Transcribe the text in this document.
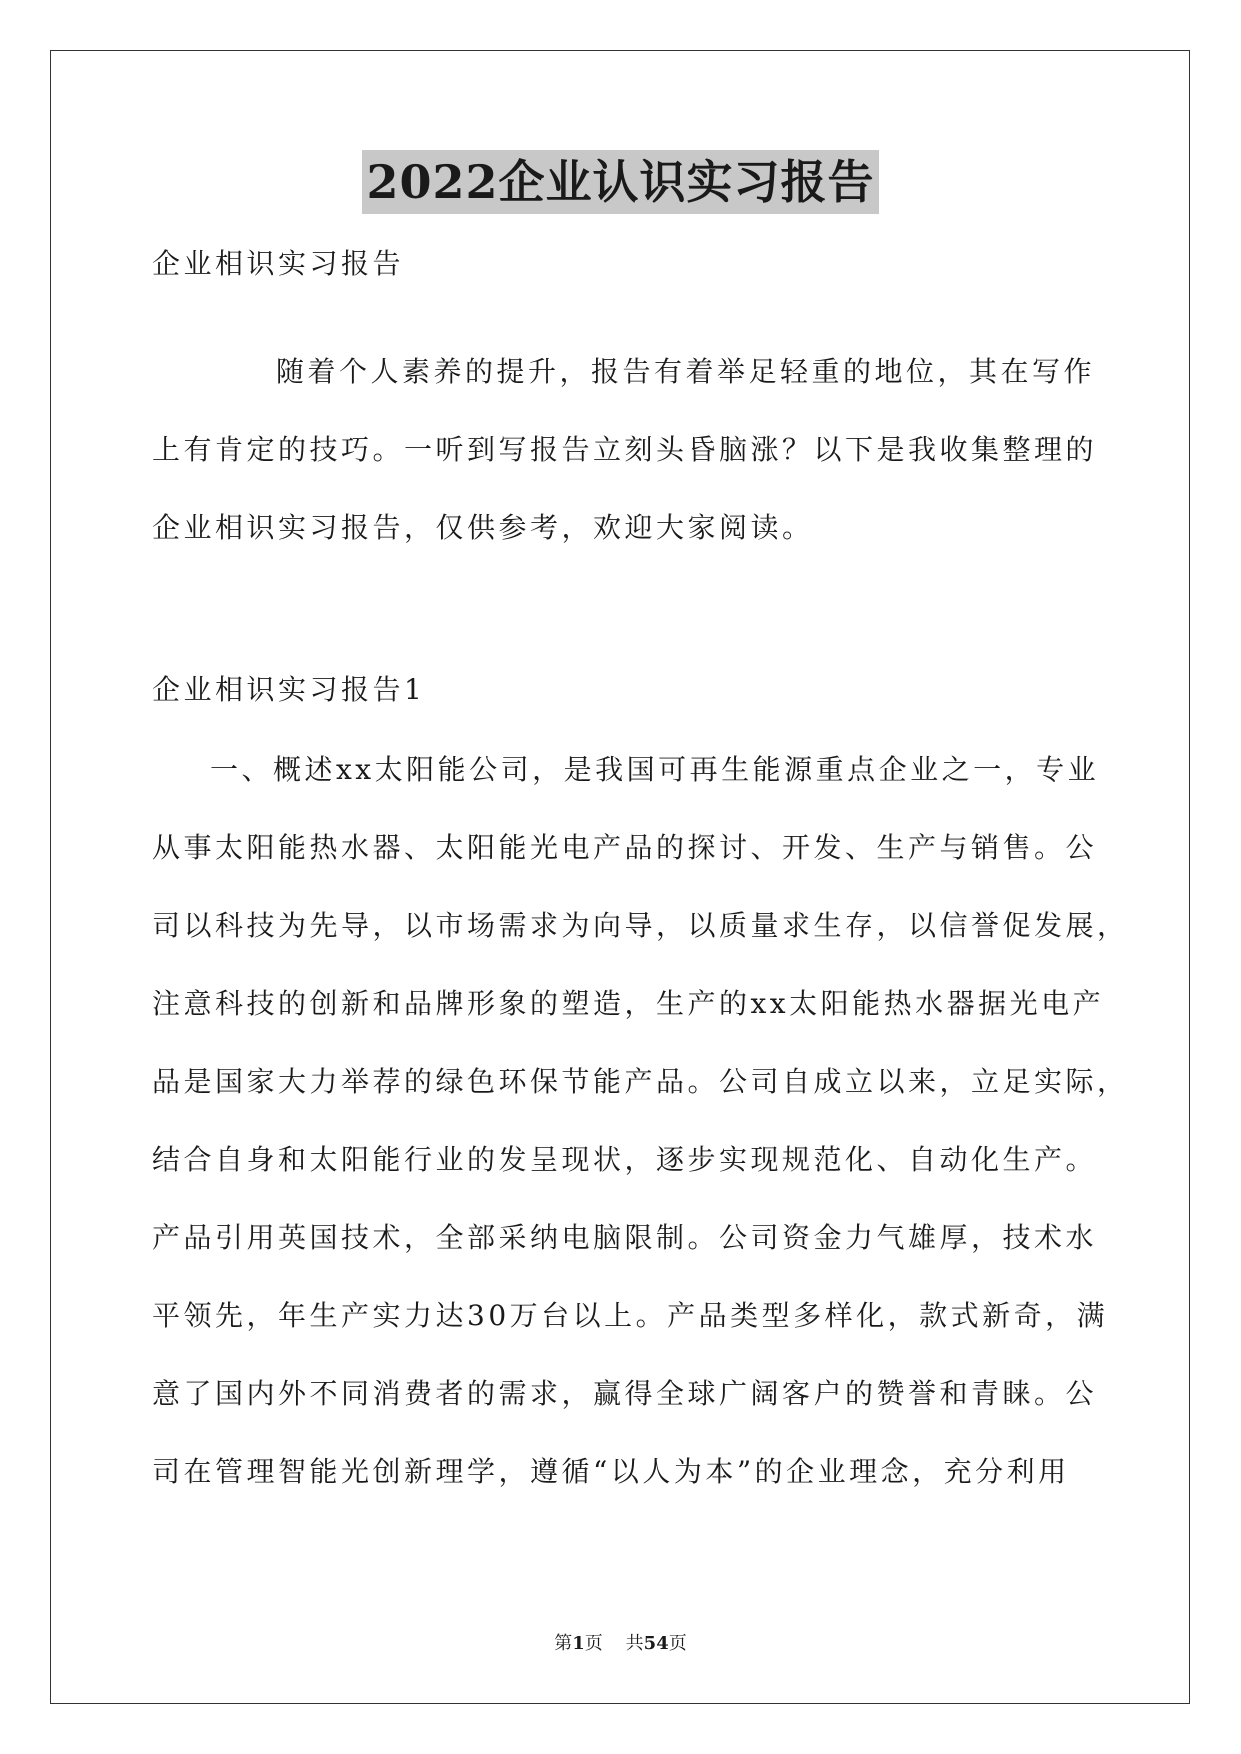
2022企业认识实习报告
企业相识实习报告
随着个人素养的提升，报告有着举足轻重的地位，其在写作
上有肯定的技巧。一听到写报告立刻头昏脑涨？以下是我收集整理的
企业相识实习报告，仅供参考，欢迎大家阅读。
企业相识实习报告1
一、概述xx太阳能公司，是我国可再生能源重点企业之一，专业
从事太阳能热水器、太阳能光电产品的探讨、开发、生产与销售。公
司以科技为先导，以市场需求为向导，以质量求生存，以信誉促发展，
注意科技的创新和品牌形象的塑造，生产的xx太阳能热水器据光电产
品是国家大力举荐的绿色环保节能产品。公司自成立以来，立足实际，
结合自身和太阳能行业的发呈现状，逐步实现规范化、自动化生产。
产品引用英国技术，全部采纳电脑限制。公司资金力气雄厚，技术水
平领先，年生产实力达30万台以上。产品类型多样化，款式新奇，满
意了国内外不同消费者的需求，赢得全球广阔客户的赞誉和青睐。公
司在管理智能光创新理学，遵循“以人为本”的企业理念，充分利用
第1页 共54页
